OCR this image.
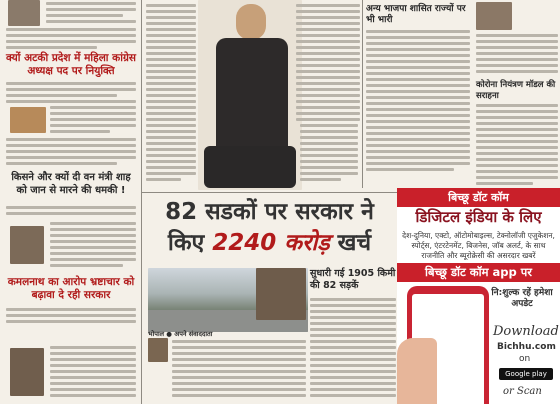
क्यों अटकी प्रदेश में महिला कांग्रेस अध्यक्ष पद पर नियुक्ति
किसने और क्यों दी वन मंत्री शाह को जान से मारने की धमकी !
कमलनाथ का आरोप भ्रष्टाचार को बढ़ावा दे रही सरकार
अन्य भाजपा शासित राज्यों पर भी भारी
कोरोना नियंत्रण मॉडल की सराहना
82 सडकों पर सरकार ने
किए 2240 करोड़ खर्च
भोपाल ● अपने संवाददाता
सुधारी गई 1905 किमी की 82 सड़कें
बिच्छू डॉट कॉम
डिजिटल इंडिया के लिए
देश-दुनिया, एक्टो, ऑटोमोबाइल्स, टेक्नोलॉजी एजुकेशन, स्पोर्ट्स, एंटरटेनमेंट, बिजनेस, जॉब अलर्ट, के साथ राजनीति और ब्यूरोक्रेसी की असरदार खबरें
बिच्छू डॉट कॉम app पर
नि:शुल्क रहें हमेशा अपडेट
Download
Bichhu.com
on
Google play
or Scan
